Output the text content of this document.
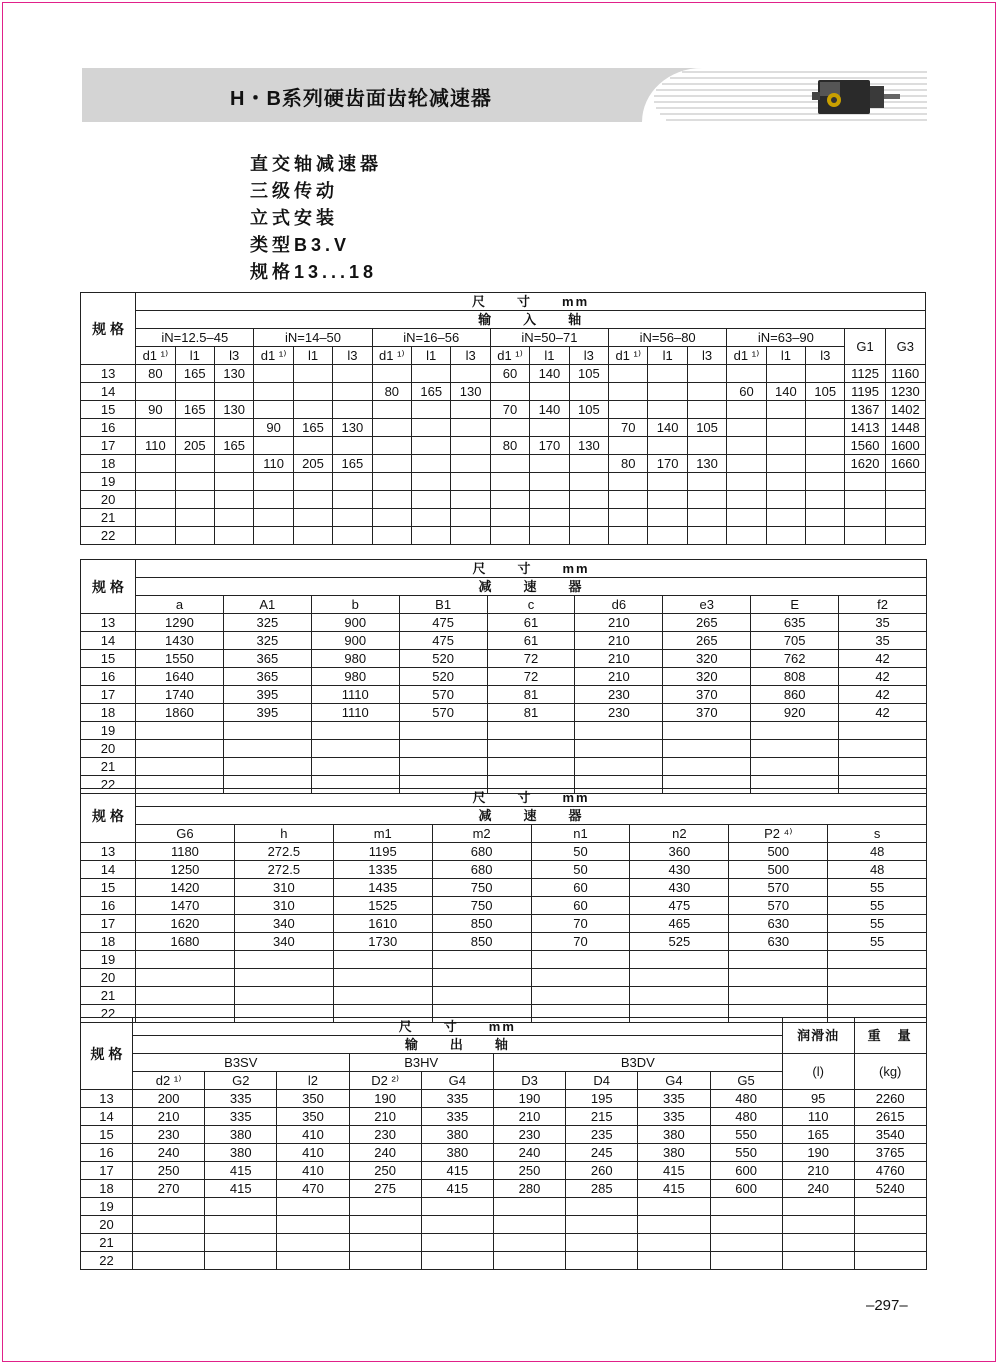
H・B系列硬齿面齿轮减速器
直交轴减速器
三级传动
立式安装
类型B3.V
规格13...18
规 格	尺　　寸　　mm																			
	输　　入　　轴																			
	iN=12.5–45			iN=14–50			iN=16–56			iN=50–71			iN=56–80			iN=63–90			G1	G3
	d1 ¹⁾	l1	l3	d1 ¹⁾	l1	l3	d1 ¹⁾	l1	l3	d1 ¹⁾	l1	l3	d1 ¹⁾	l1	l3	d1 ¹⁾	l1	l3		
13	80	165	130							60	140	105							1125	1160
14							80	165	130							60	140	105	1195	1230
15	90	165	130							70	140	105							1367	1402
16				90	165	130							70	140	105				1413	1448
17	110	205	165							80	170	130							1560	1600
18				110	205	165							80	170	130				1620	1660
19																				
20																				
21																				
22																				
规 格	尺　　寸　　mm								
	减　　速　　器								
	a	A1	b	B1	c	d6	e3	E	f2
13	1290	325	900	475	61	210	265	635	35
14	1430	325	900	475	61	210	265	705	35
15	1550	365	980	520	72	210	320	762	42
16	1640	365	980	520	72	210	320	808	42
17	1740	395	1110	570	81	230	370	860	42
18	1860	395	1110	570	81	230	370	920	42
19									
20									
21									
22									
规 格	尺　　寸　　mm							
	减　　速　　器							
	G6	h	m1	m2	n1	n2	P2 ⁴⁾	s
13	1180	272.5	1195	680	50	360	500	48
14	1250	272.5	1335	680	50	430	500	48
15	1420	310	1435	750	60	430	570	55
16	1470	310	1525	750	60	475	570	55
17	1620	340	1610	850	70	465	630	55
18	1680	340	1730	850	70	525	630	55
19								
20								
21								
22								
规 格	尺　　寸　　mm									润滑油	重　量
	输　　出　　轴										
	B3SV			B3HV		B3DV				(l)	(kg)
	d2 ¹⁾	G2	l2	D2 ²⁾	G4	D3	D4	G4	G5		
13	200	335	350	190	335	190	195	335	480	95	2260
14	210	335	350	210	335	210	215	335	480	110	2615
15	230	380	410	230	380	230	235	380	550	165	3540
16	240	380	410	240	380	240	245	380	550	190	3765
17	250	415	410	250	415	250	260	415	600	210	4760
18	270	415	470	275	415	280	285	415	600	240	5240
19											
20											
21											
22											
–297–
